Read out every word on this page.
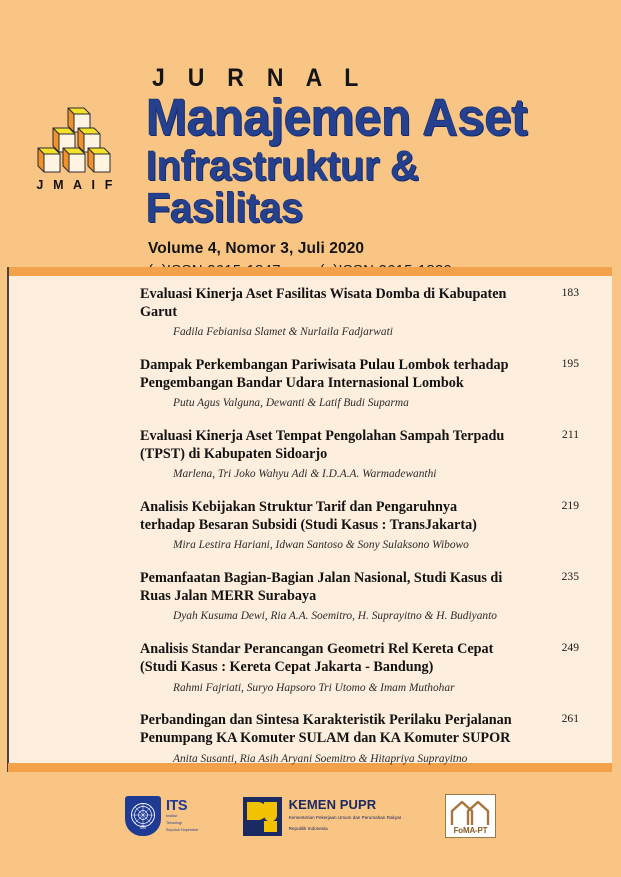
J M A I F
J U R N A L
Manajemen Aset
Infrastruktur & Fasilitas
Volume 4, Nomor 3, Juli 2020
183
Evaluasi Kinerja Aset Fasilitas Wisata Domba di Kabupaten Garut
Fadila Febianisa Slamet & Nurlaila Fadjarwati
195
Dampak Perkembangan Pariwisata Pulau Lombok terhadap Pengembangan Bandar Udara Internasional Lombok
Putu Agus Valguna, Dewanti & Latif Budi Suparma
211
Evaluasi Kinerja Aset Tempat Pengolahan Sampah Terpadu (TPST) di Kabupaten Sidoarjo
Marlena, Tri Joko Wahyu Adi & I.D.A.A. Warmadewanthi
219
Analisis Kebijakan Struktur Tarif dan Pengaruhnya terhadap Besaran Subsidi (Studi Kasus : TransJakarta)
Mira Lestira Hariani, Idwan Santoso & Sony Sulaksono Wibowo
235
Pemanfaatan Bagian-Bagian Jalan Nasional, Studi Kasus di Ruas Jalan MERR Surabaya
Dyah Kusuma Dewi, Ria A.A. Soemitro, H. Suprayitno & H. Budiyanto
249
Analisis Standar Perancangan Geometri Rel Kereta Cepat (Studi Kasus : Kereta Cepat Jakarta - Bandung)
Rahmi Fajriati, Suryo Hapsoro Tri Utomo & Imam Muthohar
261
Perbandingan dan Sintesa Karakteristik Perilaku Perjalanan Penumpang KA Komuter SULAM dan KA Komuter SUPOR
Anita Susanti, Ria Asih Aryani Soemitro & Hitapriya Suprayitno
ITS
Institut
Teknologi
Sepuluh Nopember
KEMEN PUPR
Kementerian Pekerjaan Umum dan Perumahan Rakyat
Republik Indonesia	FoMA-PT
